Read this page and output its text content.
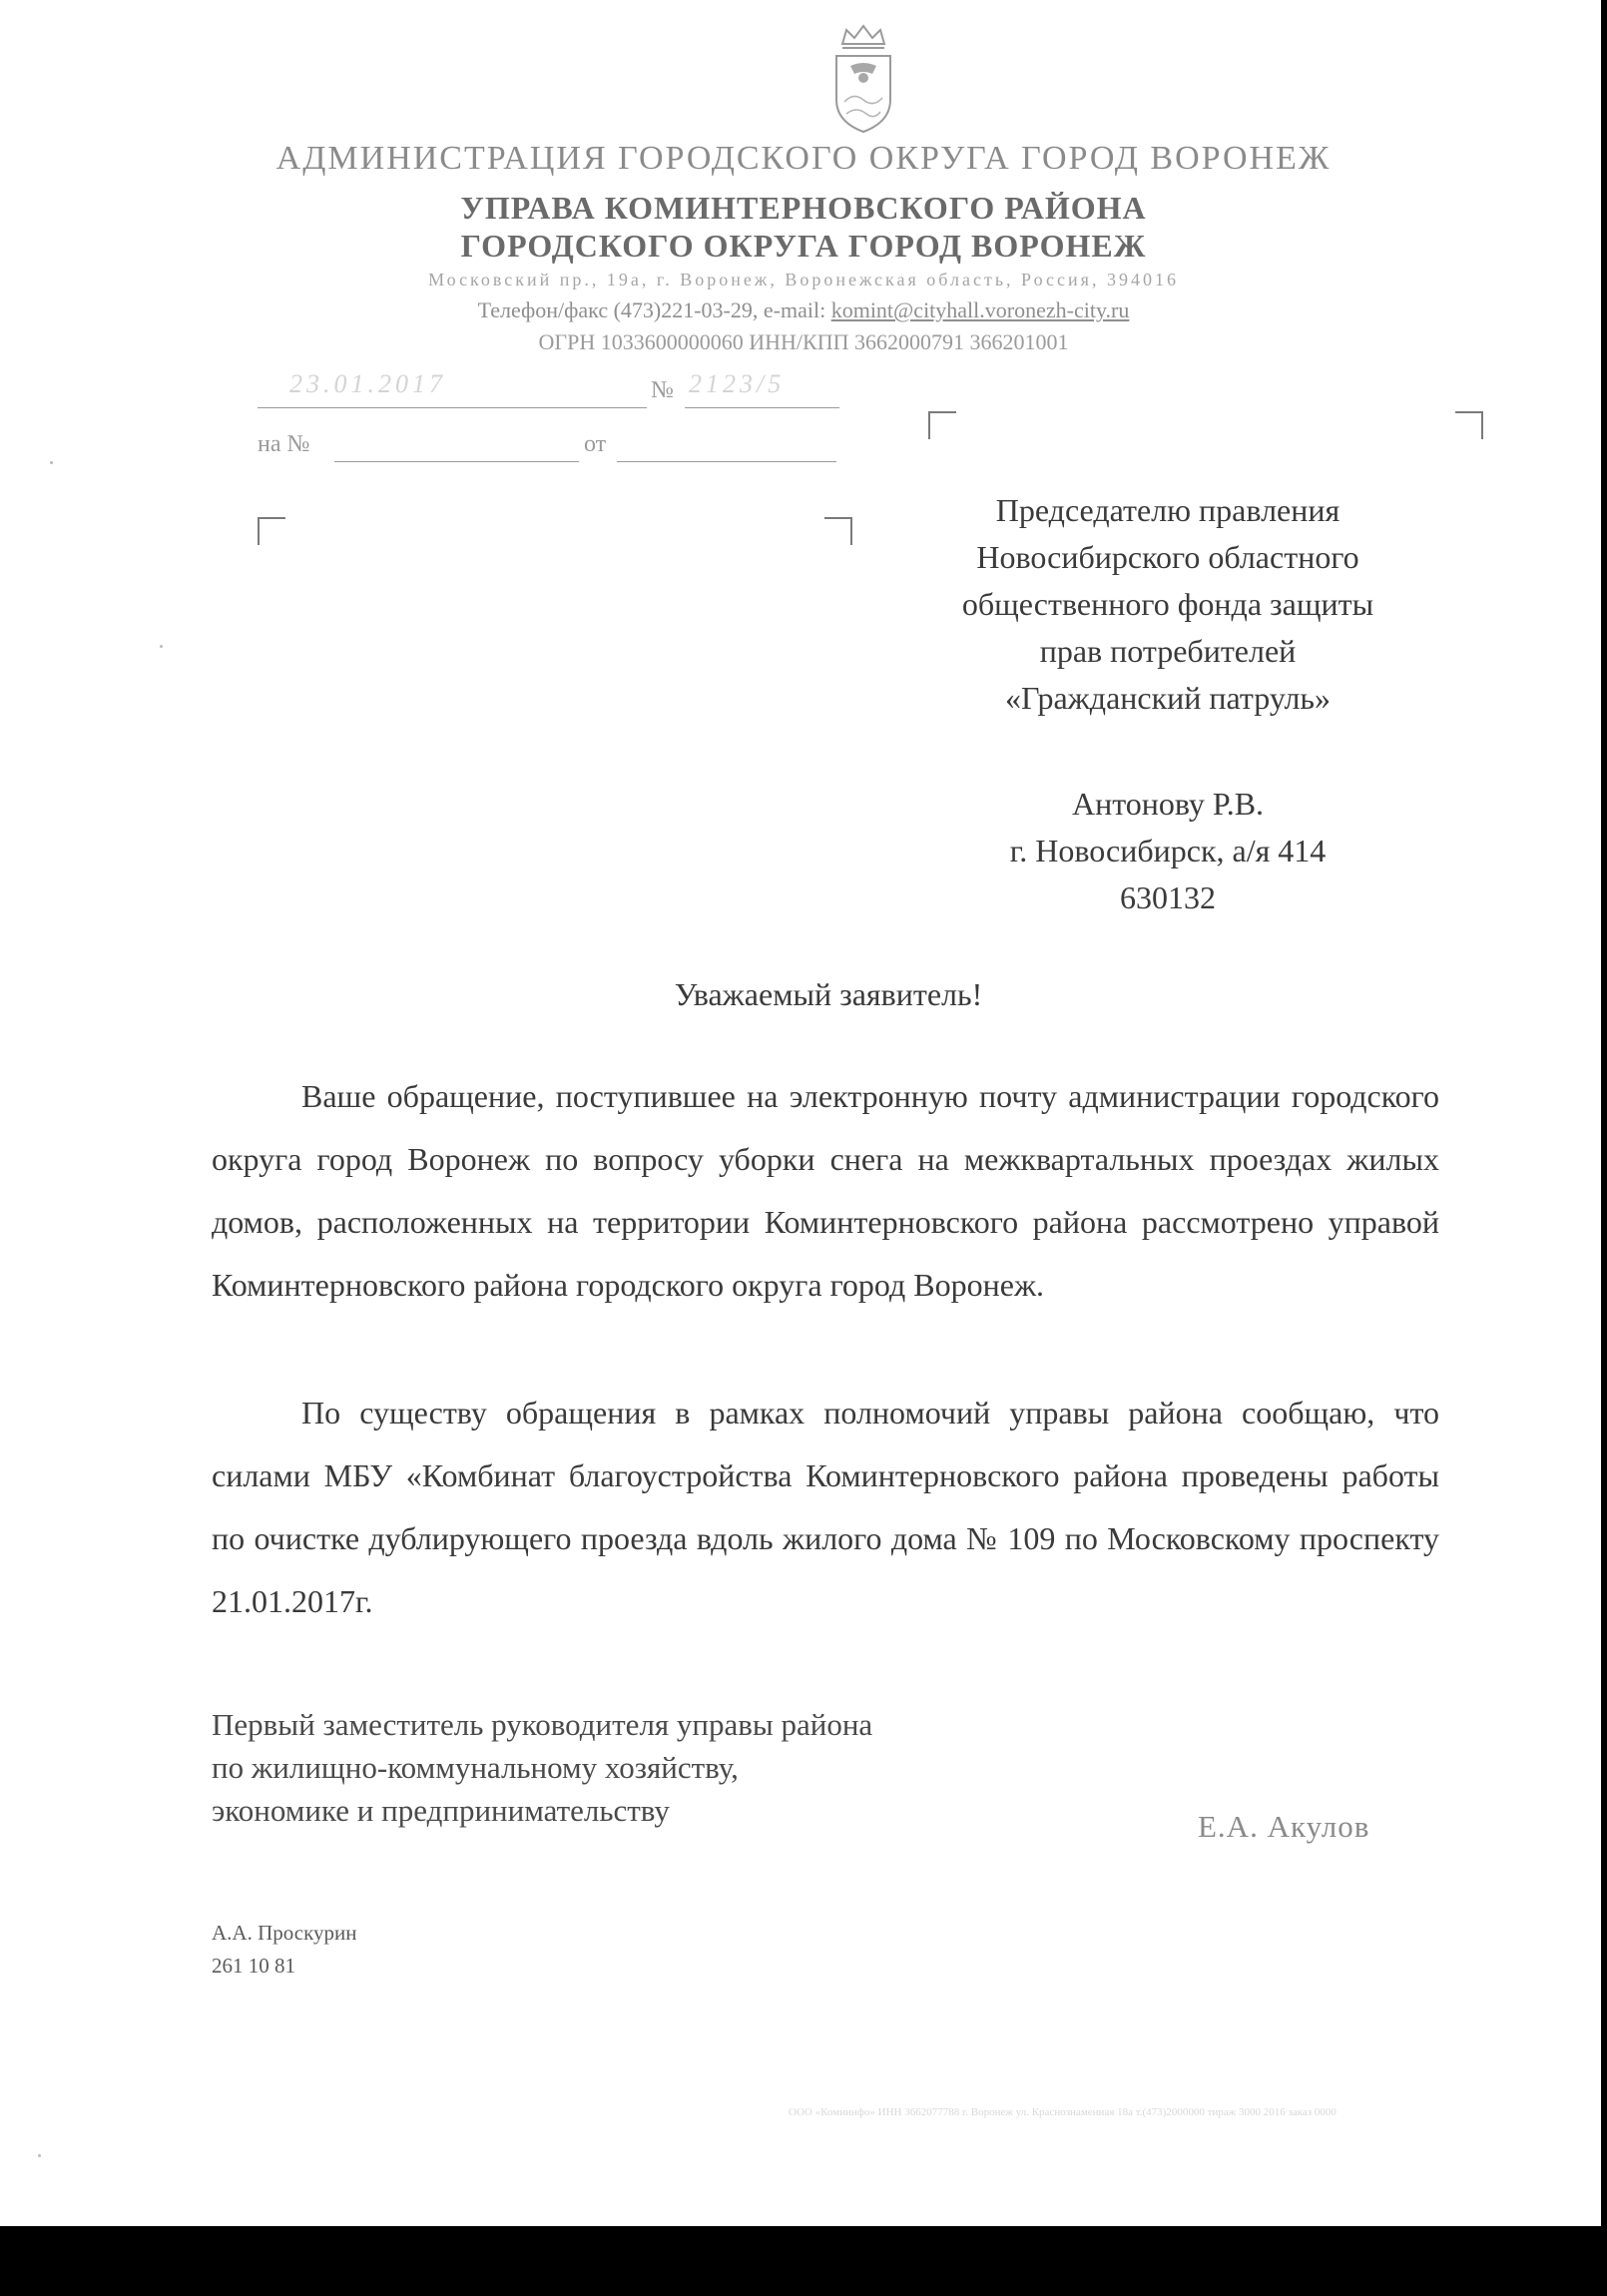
АДМИНИСТРАЦИЯ ГОРОДСКОГО ОКРУГА ГОРОД ВОРОНЕЖ
УПРАВА КОМИНТЕРНОВСКОГО РАЙОНА
ГОРОДСКОГО ОКРУГА ГОРОД ВОРОНЕЖ
Московский пр., 19а, г. Воронеж, Воронежская область, Россия, 394016
Телефон/факс (473)221-03-29, e-mail: komint@cityhall.voronezh-city.ru
ОГРН 1033600000060 ИНН/КПП 3662000791 366201001
23.01.2017	№ 2123/5
на №	от
Председателю правления
Новосибирского областного
общественного фонда защиты
прав потребителей
«Гражданский патруль»
Антонову Р.В.
г. Новосибирск, а/я 414
630132
Уважаемый заявитель!
Ваше обращение, поступившее на электронную почту администрации городского округа город Воронеж по вопросу уборки снега на межквартальных проездах жилых домов, расположенных на территории Коминтерновского района рассмотрено управой Коминтерновского района городского округа город Воронеж.
По существу обращения в рамках полномочий управы района сообщаю, что силами МБУ «Комбинат благоустройства Коминтерновского района проведены работы по очистке дублирующего проезда вдоль жилого дома № 109 по Московскому проспекту 21.01.2017г.
Первый заместитель руководителя управы района
по жилищно-коммунальному хозяйству,
экономике и предпринимательству	Е.А. Акулов
А.А. Проскурин
261 10 81
ООО «Комиинфо» ИНН 3662077788 г. Воронеж ул. Краснознаменная 18а т.(473)2000000 тираж 3000 2016 заказ 0000
